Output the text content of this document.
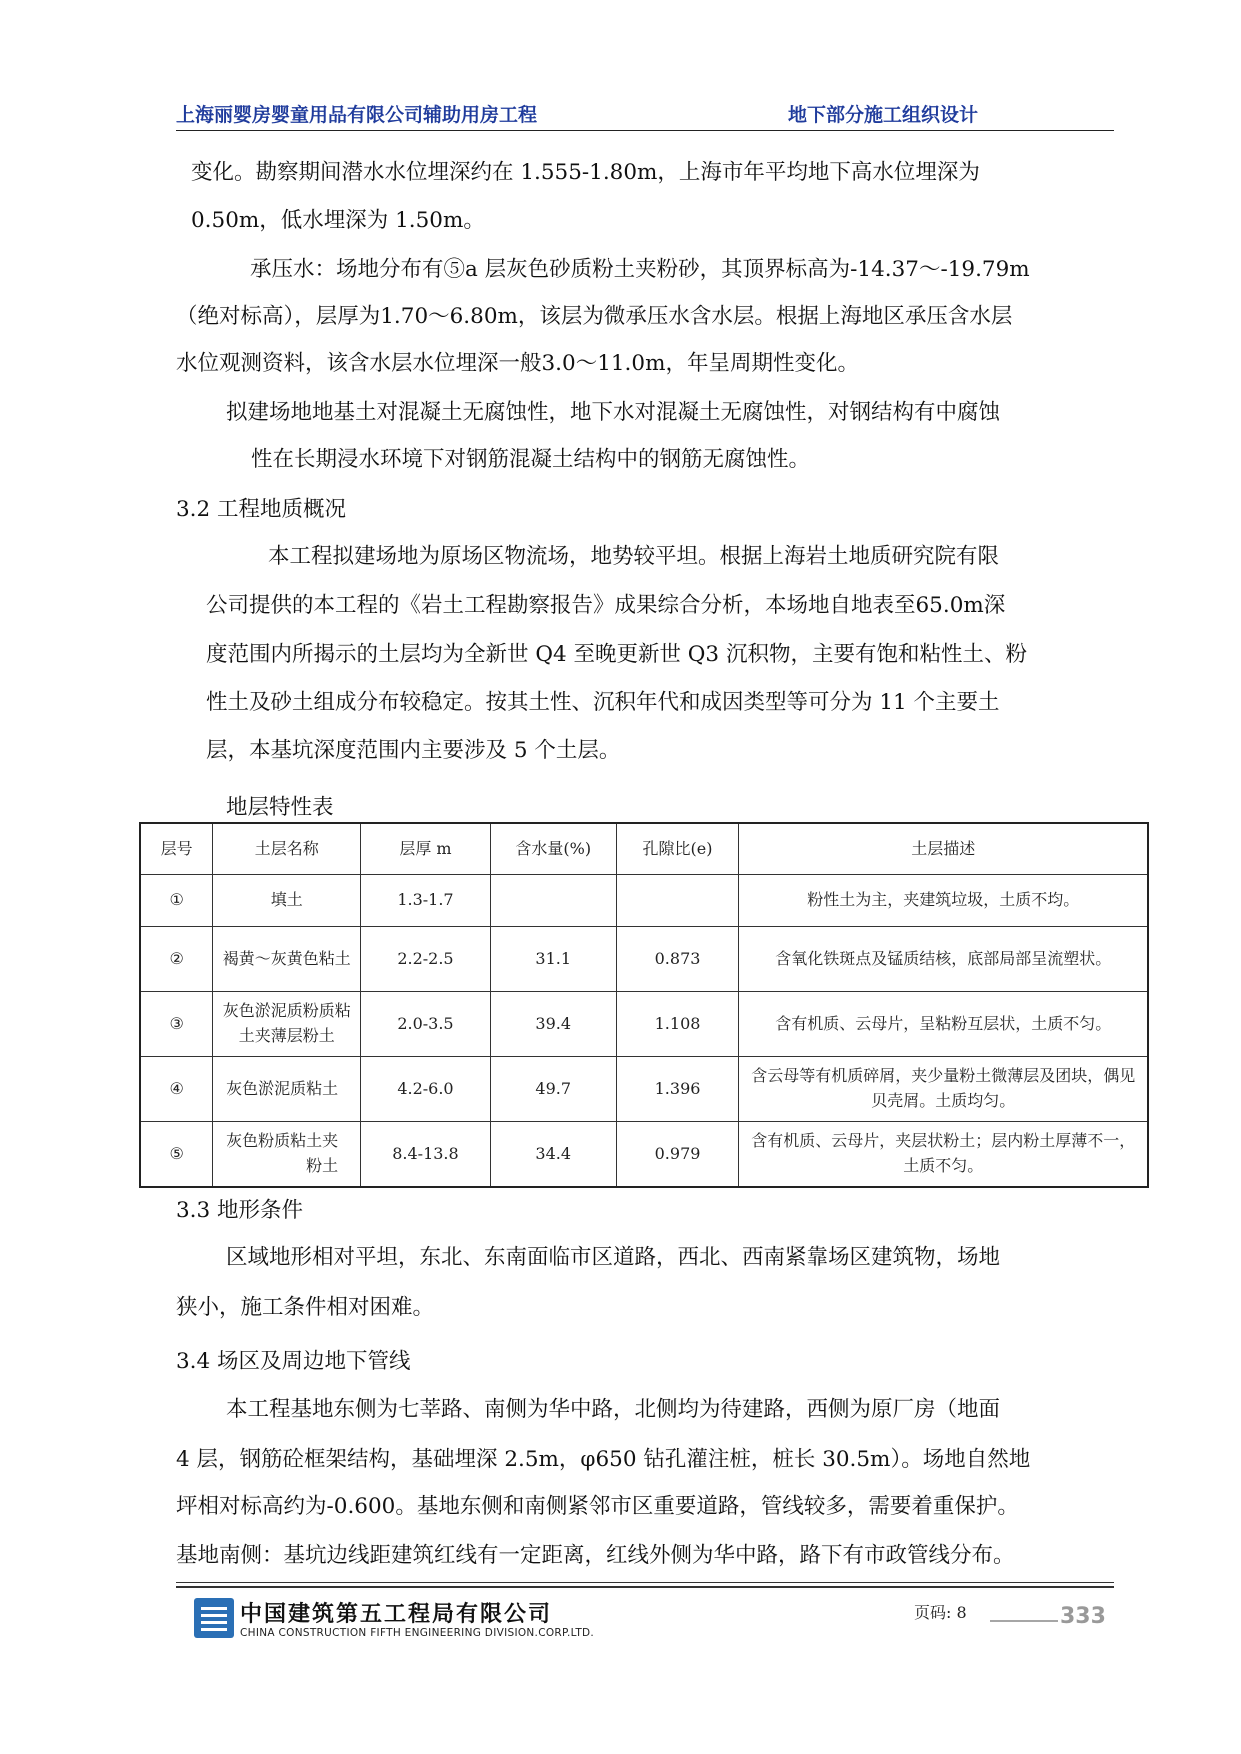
上海丽婴房婴童用品有限公司辅助用房工程	地下部分施工组织设计
变化。勘察期间潜水水位埋深约在 1.555-1.80m，上海市年平均地下高水位埋深为
0.50m，低水埋深为 1.50m。
承压水：场地分布有⑤a 层灰色砂质粉土夹粉砂，其顶界标高为-14.37～-19.79m
（绝对标高），层厚为1.70～6.80m，该层为微承压水含水层。根据上海地区承压含水层
水位观测资料，该含水层水位埋深一般3.0～11.0m，年呈周期性变化。
拟建场地地基土对混凝土无腐蚀性，地下水对混凝土无腐蚀性，对钢结构有中腐蚀
性在长期浸水环境下对钢筋混凝土结构中的钢筋无腐蚀性。
3.2 工程地质概况
本工程拟建场地为原场区物流场，地势较平坦。根据上海岩土地质研究院有限
公司提供的本工程的《岩土工程勘察报告》成果综合分析，本场地自地表至65.0m深
度范围内所揭示的土层均为全新世 Q4 至晚更新世 Q3 沉积物，主要有饱和粘性土、粉
性土及砂土组成分布较稳定。按其土性、沉积年代和成因类型等可分为 11 个主要土
层，本基坑深度范围内主要涉及 5 个土层。
地层特性表
层号	土层名称	层厚 m	含水量(%)	孔隙比(e)	土层描述
①	填土	1.3-1.7			粉性土为主，夹建筑垃圾，土质不均。
②	褐黄～灰黄色粘土	2.2-2.5	31.1	0.873	含氧化铁斑点及锰质结核，底部局部呈流塑状。
③	灰色淤泥质粉质粘土夹薄层粉土	2.0-3.5	39.4	1.108	含有机质、云母片，呈粘粉互层状，土质不匀。
④	灰色淤泥质粘土	4.2-6.0	49.7	1.396	含云母等有机质碎屑，夹少量粉土微薄层及团块，偶见贝壳屑。土质均匀。
⑤	灰色粉质粘土夹粉土	8.4-13.8	34.4	0.979	含有机质、云母片，夹层状粉土；层内粉土厚薄不一，土质不匀。
3.3 地形条件
区域地形相对平坦，东北、东南面临市区道路，西北、西南紧靠场区建筑物，场地
狭小，施工条件相对困难。
3.4 场区及周边地下管线
本工程基地东侧为七莘路、南侧为华中路，北侧均为待建路，西侧为原厂房（地面
4 层，钢筋砼框架结构，基础埋深 2.5m，φ650 钻孔灌注桩，桩长 30.5m）。场地自然地
坪相对标高约为-0.600。基地东侧和南侧紧邻市区重要道路，管线较多，需要着重保护。
基地南侧：基坑边线距建筑红线有一定距离，红线外侧为华中路，路下有市政管线分布。
中国建筑第五工程局有限公司
CHINA CONSTRUCTION FIFTH ENGINEERING DIVISION.CORP.LTD.
页码: 8	333
